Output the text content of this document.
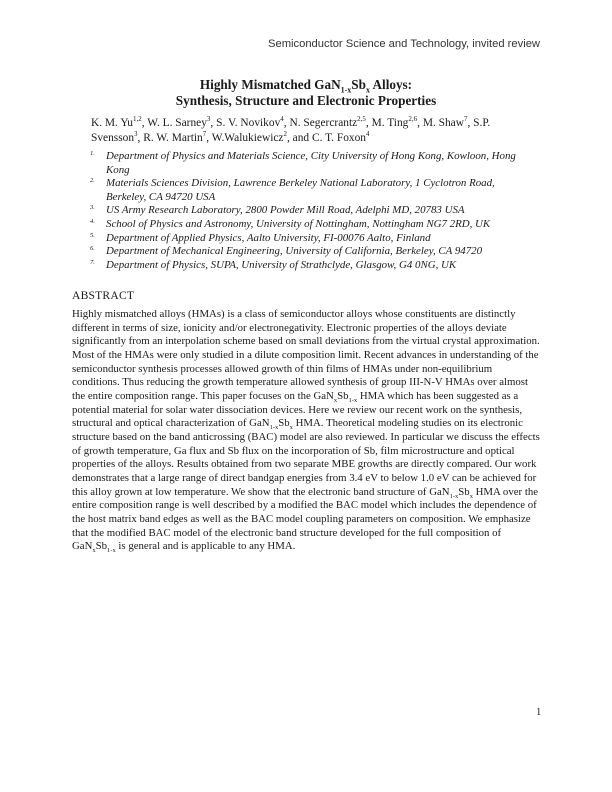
Semiconductor Science and Technology, invited review
Highly Mismatched $GaN_{1-x}Sb_x$ Alloys:
Synthesis, Structure and Electronic Properties
K. M. Yu$^{1,2}$, W. L. Sarney$^3$, S. V. Novikov$^4$, N. Segercrantz$^{2,5}$, M. Ting$^{2,6}$, M. Shaw$^7$, S.P. Svensson$^3$, R. W. Martin$^7$, W.Walukiewicz$^2$, and C. T. Foxon$^4$
1. Department of Physics and Materials Science, City University of Hong Kong, Kowloon, Hong Kong
2. Materials Sciences Division, Lawrence Berkeley National Laboratory, 1 Cyclotron Road, Berkeley, CA 94720 USA
3. US Army Research Laboratory, 2800 Powder Mill Road, Adelphi MD, 20783 USA
4. School of Physics and Astronomy, University of Nottingham, Nottingham NG7 2RD, UK
5. Department of Applied Physics, Aalto University, FI-00076 Aalto, Finland
6. Department of Mechanical Engineering, University of California, Berkeley, CA 94720
7. Department of Physics, SUPA, University of Strathclyde, Glasgow, G4 0NG, UK
ABSTRACT

Highly mismatched alloys (HMAs) is a class of semiconductor alloys whose constituents are distinctly different in terms of size, ionicity and/or electronegativity. Electronic properties of the alloys deviate significantly from an interpolation scheme based on small deviations from the virtual crystal approximation. Most of the HMAs were only studied in a dilute composition limit. Recent advances in understanding of the semiconductor synthesis processes allowed growth of thin films of HMAs under non-equilibrium conditions. Thus reducing the growth temperature allowed synthesis of group III-N-V HMAs over almost the entire composition range. This paper focuses on the $GaN_xSb_{1-x}$ HMA which has been suggested as a potential material for solar water dissociation devices. Here we review our recent work on the synthesis, structural and optical characterization of $GaN_{1-x}Sb_x$ HMA. Theoretical modeling studies on its electronic structure based on the band anticrossing (BAC) model are also reviewed. In particular we discuss the effects of growth temperature, Ga flux and Sb flux on the incorporation of Sb, film microstructure and optical properties of the alloys. Results obtained from two separate MBE growths are directly compared. Our work demonstrates that a large range of direct bandgap energies from 3.4 eV to below 1.0 eV can be achieved for this alloy grown at low temperature. We show that the electronic band structure of $GaN_{1-x}Sb_x$ HMA over the entire composition range is well described by a modified the BAC model which includes the dependence of the host matrix band edges as well as the BAC model coupling parameters on composition. We emphasize that the modified BAC model of the electronic band structure developed for the full composition of $GaN_xSb_{1-x}$ is general and is applicable to any HMA.

1
